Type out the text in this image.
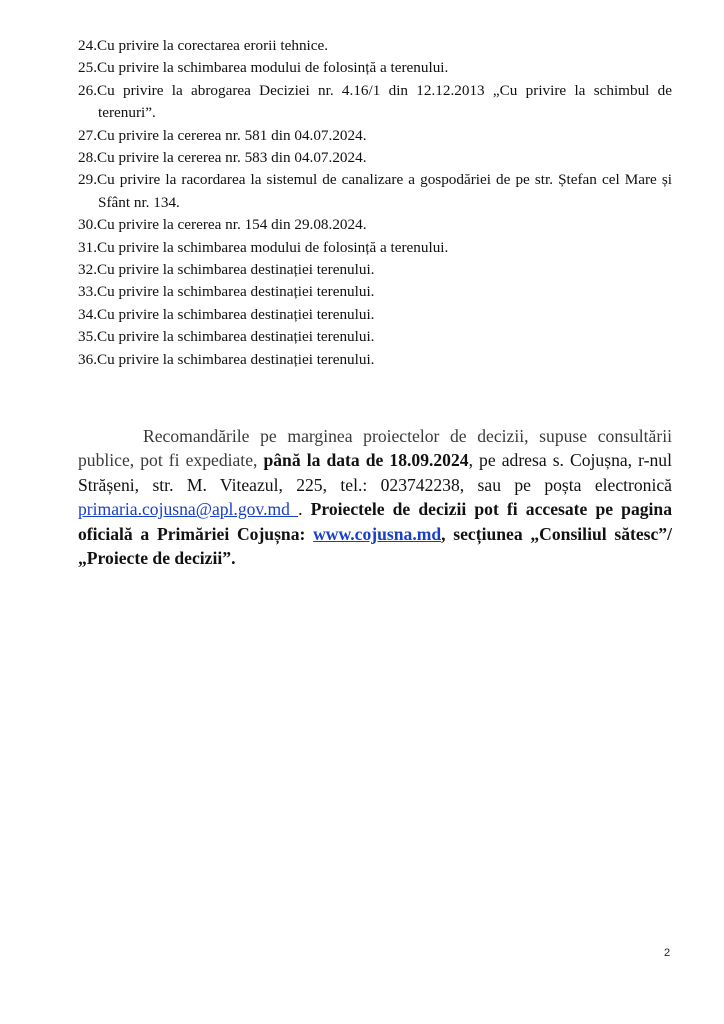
24. Cu privire la corectarea erorii tehnice.
25. Cu privire la schimbarea modului de folosință a terenului.
26.Cu privire la abrogarea Deciziei nr. 4.16/1 din 12.12.2013 „Cu privire la schimbul de terenuri”.
27. Cu privire la cererea nr. 581 din 04.07.2024.
28. Cu privire la cererea nr. 583 din 04.07.2024.
29.Cu privire la racordarea la sistemul de canalizare a gospodăriei de pe str. Ștefan cel Mare și Sfânt nr. 134.
30. Cu privire la cererea nr. 154 din 29.08.2024.
31. Cu privire la schimbarea modului de folosință a terenului.
32. Cu privire la schimbarea destinației terenului.
33. Cu privire la schimbarea destinației terenului.
34. Cu privire la schimbarea destinației terenului.
35. Cu privire la schimbarea destinației terenului.
36. Cu privire la schimbarea destinației terenului.

Recomandările pe marginea proiectelor de decizii, supuse consultării publice, pot fi expediate, până la data de 18.09.2024, pe adresa s. Cojușna, r-nul Strășeni, str. M. Viteazul, 225, tel.: 023742238, sau pe poșta electronică primaria.cojusna@apl.gov.md . Proiectele de decizii pot fi accesate pe pagina oficială a Primăriei Cojușna: www.cojusna.md, secțiunea „Consiliul sătesc”/„Proiecte de decizii”.

2
